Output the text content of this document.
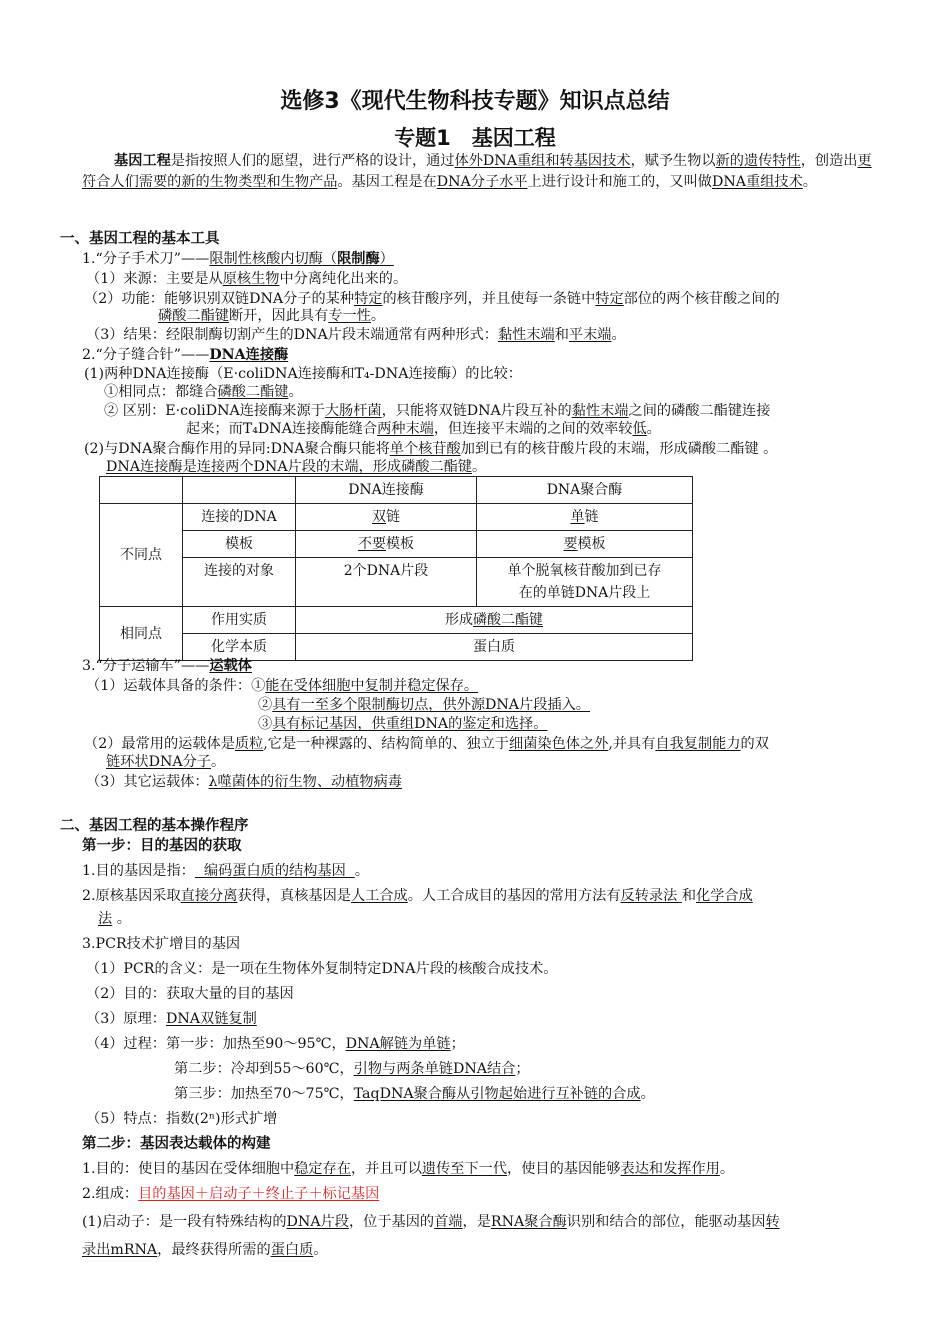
选修3《现代生物科技专题》知识点总结
专题1　基因工程
基因工程是指按照人们的愿望，进行严格的设计，通过体外DNA重组和转基因技术，赋予生物以新的遗传特性，创造出更符合人们需要的新的生物类型和生物产品。基因工程是在DNA分子水平上进行设计和施工的，又叫做DNA重组技术。
一、基因工程的基本工具
1.“分子手术刀”——限制性核酸内切酶（限制酶）
（1）来源：主要是从原核生物中分离纯化出来的。
（2）功能：能够识别双链DNA分子的某种特定的核苷酸序列，并且使每一条链中特定部位的两个核苷酸之间的
磷酸二酯键断开，因此具有专一性。
（3）结果：经限制酶切割产生的DNA片段末端通常有两种形式：黏性末端和平末端。
2.“分子缝合针”——DNA连接酶
(1)两种DNA连接酶（E·coliDNA连接酶和T₄-DNA连接酶）的比较：
①相同点：都缝合磷酸二酯键。
② 区别：E·coliDNA连接酶来源于大肠杆菌，只能将双链DNA片段互补的黏性末端之间的磷酸二酯键连接
起来；而T₄DNA连接酶能缝合两种末端，但连接平末端的之间的效率较低。
(2)与DNA聚合酶作用的异同:DNA聚合酶只能将单个核苷酸加到已有的核苷酸片段的末端，形成磷酸二酯键 。
DNA连接酶是连接两个DNA片段的末端，形成磷酸二酯键。
		DNA连接酶	DNA聚合酶
不同点	连接的DNA	双链	单链
	模板	不要模板	要模板
	连接的对象	2个DNA片段	单个脱氧核苷酸加到已存
在的单链DNA片段上

相同点	作用实质	形成磷酸二酯键	
	化学本质	蛋白质	
3.“分子运输车”——运载体
（1）运载体具备的条件：①能在受体细胞中复制并稳定保存。
②具有一至多个限制酶切点，供外源DNA片段插入。
③具有标记基因，供重组DNA的鉴定和选择。
（2）最常用的运载体是质粒,它是一种裸露的、结构简单的、独立于细菌染色体之外,并具有自我复制能力的双
链环状DNA分子。
（3）其它运载体：λ噬菌体的衍生物、动植物病毒
二、基因工程的基本操作程序
第一步：目的基因的获取
1.目的基因是指：  编码蛋白质的结构基因  。
2.原核基因采取直接分离获得，真核基因是人工合成。人工合成目的基因的常用方法有反转录法 和化学合成
法 。
3.PCR技术扩增目的基因
（1）PCR的含义：是一项在生物体外复制特定DNA片段的核酸合成技术。
（2）目的：获取大量的目的基因
（3）原理：DNA双链复制
（4）过程：第一步：加热至90～95℃，DNA解链为单链；
第二步：冷却到55～60℃，引物与两条单链DNA结合；
第三步：加热至70～75℃，TaqDNA聚合酶从引物起始进行互补链的合成。
（5）特点：指数(2ⁿ)形式扩增
第二步：基因表达载体的构建
1.目的：使目的基因在受体细胞中稳定存在，并且可以遗传至下一代，使目的基因能够表达和发挥作用。
2.组成：目的基因＋启动子＋终止子＋标记基因
(1)启动子：是一段有特殊结构的DNA片段，位于基因的首端，是RNA聚合酶识别和结合的部位，能驱动基因转
录出mRNA，最终获得所需的蛋白质。
